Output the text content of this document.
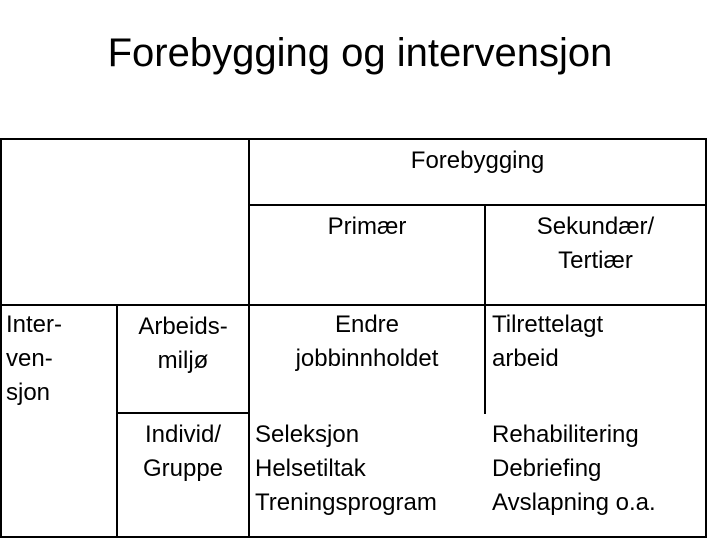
Forebygging og intervensjon
Forebygging
Primær	Sekundær/
Tertiær
Inter-
ven-
sjon
Arbeids-
miljø
Endre
jobbinnholdet
Tilrettelagt
arbeid
Individ/
Gruppe
Seleksjon
Helsetiltak
Treningsprogram
Rehabilitering
Debriefing
Avslapning o.a.
